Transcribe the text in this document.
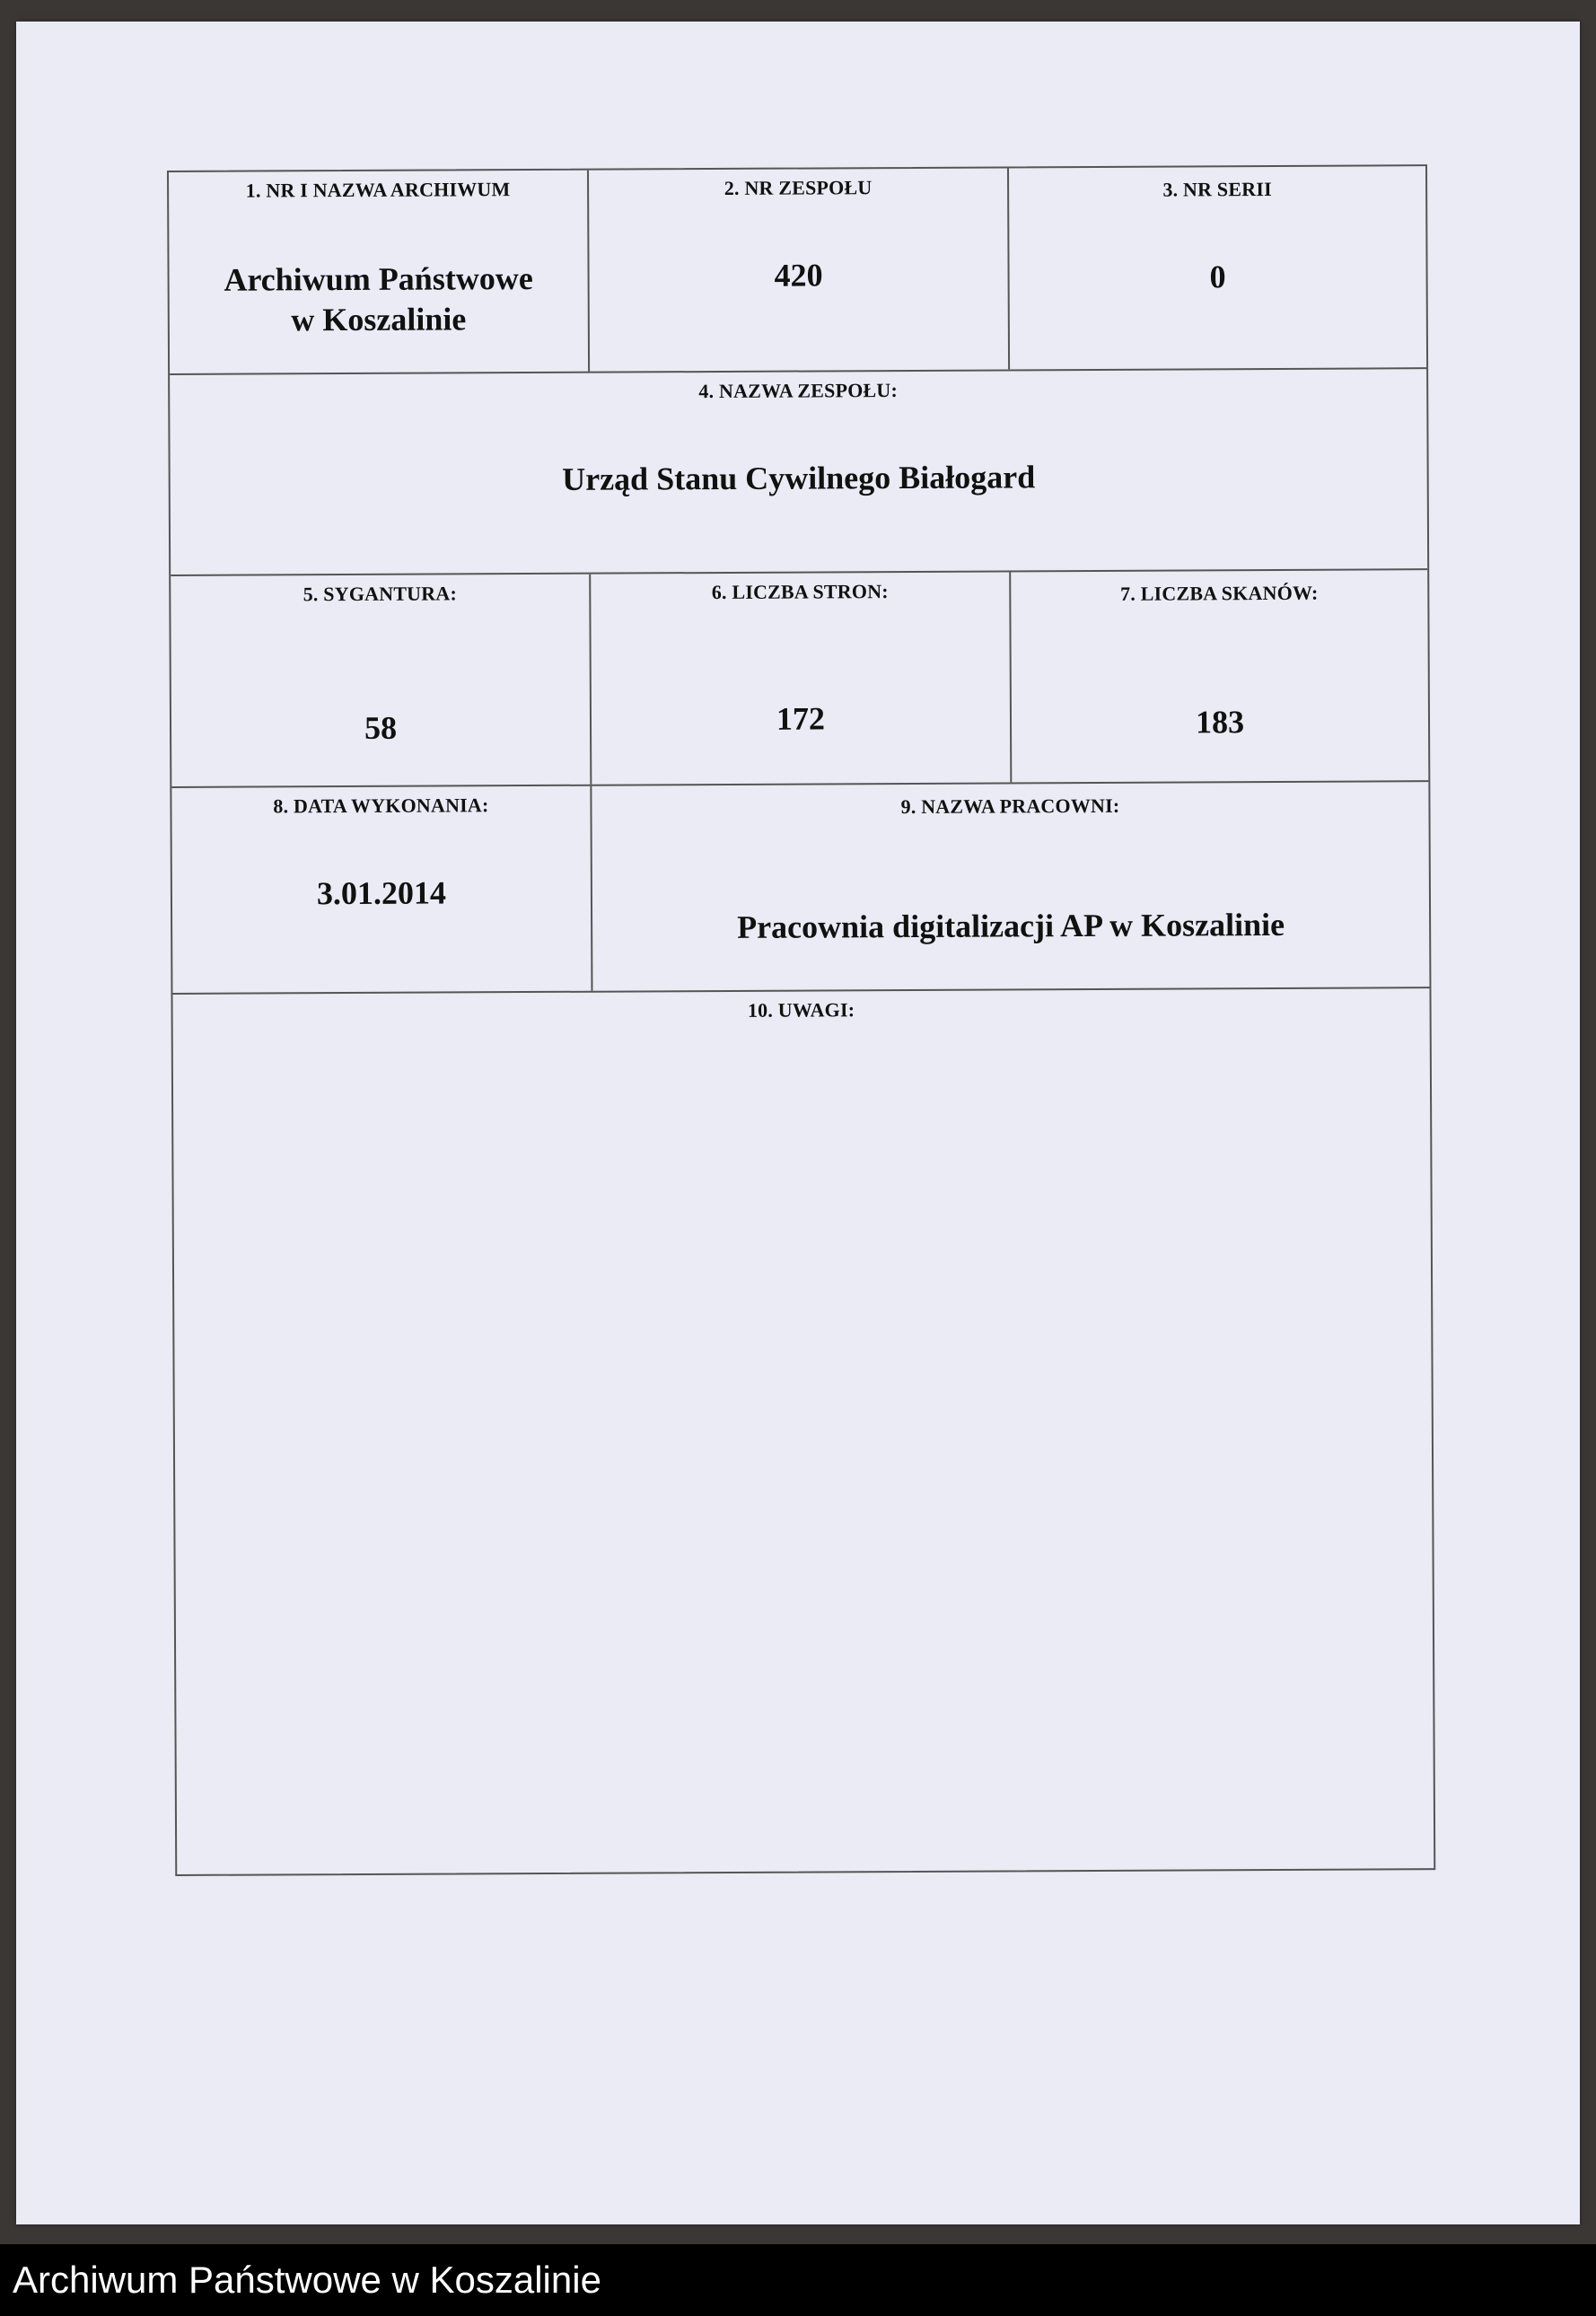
1. NR I NAZWA ARCHIWUM
Archiwum Państwowe
w Koszalinie
2. NR ZESPOŁU
420
3. NR SERII
0
4. NAZWA ZESPOŁU:
Urząd Stanu Cywilnego Białogard
5. SYGANTURA:
58
6. LICZBA STRON:
172
7. LICZBA SKANÓW:
183
8. DATA WYKONANIA:
3.01.2014
9. NAZWA PRACOWNI:
Pracownia digitalizacji AP w Koszalinie
10. UWAGI:
Archiwum Państwowe w Koszalinie
